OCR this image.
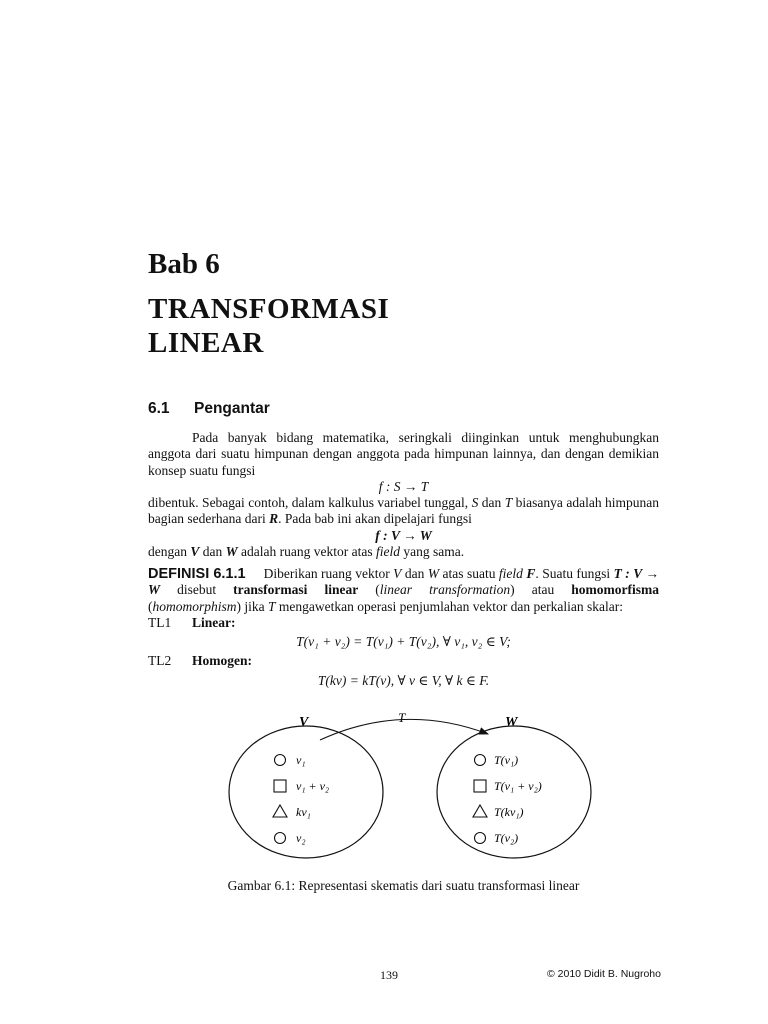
Bab 6
TRANSFORMASI
LINEAR
6.1 Pengantar
Pada banyak bidang matematika, seringkali diinginkan untuk menghubungkan anggota dari suatu himpunan dengan anggota pada himpunan lainnya, dan dengan demikian konsep suatu fungsi
f : S → T
dibentuk. Sebagai contoh, dalam kalkulus variabel tunggal, S dan T biasanya adalah himpunan bagian sederhana dari R. Pada bab ini akan dipelajari fungsi
f : V → W
dengan V dan W adalah ruang vektor atas field yang sama.
DEFINISI 6.1.1 Diberikan ruang vektor V dan W atas suatu field F. Suatu fungsi T : V → W disebut transformasi linear (linear transformation) atau homomorfisma (homomorphism) jika T mengawetkan operasi penjumlahan vektor dan perkalian skalar:
TL1 Linear:
T(v₁ + v₂) = T(v₁) + T(v₂), ∀ v₁, v₂ ∈ V;
TL2 Homogen:
T(kv) = kT(v), ∀ v ∈ V, ∀ k ∈ F.
V	W
T
v₁
v₁ + v₂
kv₁
v₂
T(v₁)
T(v₁ + v₂)
T(kv₁)
T(v₂)
Gambar 6.1: Representasi skematis dari suatu transformasi linear
139	© 2010 Didit B. Nugroho
